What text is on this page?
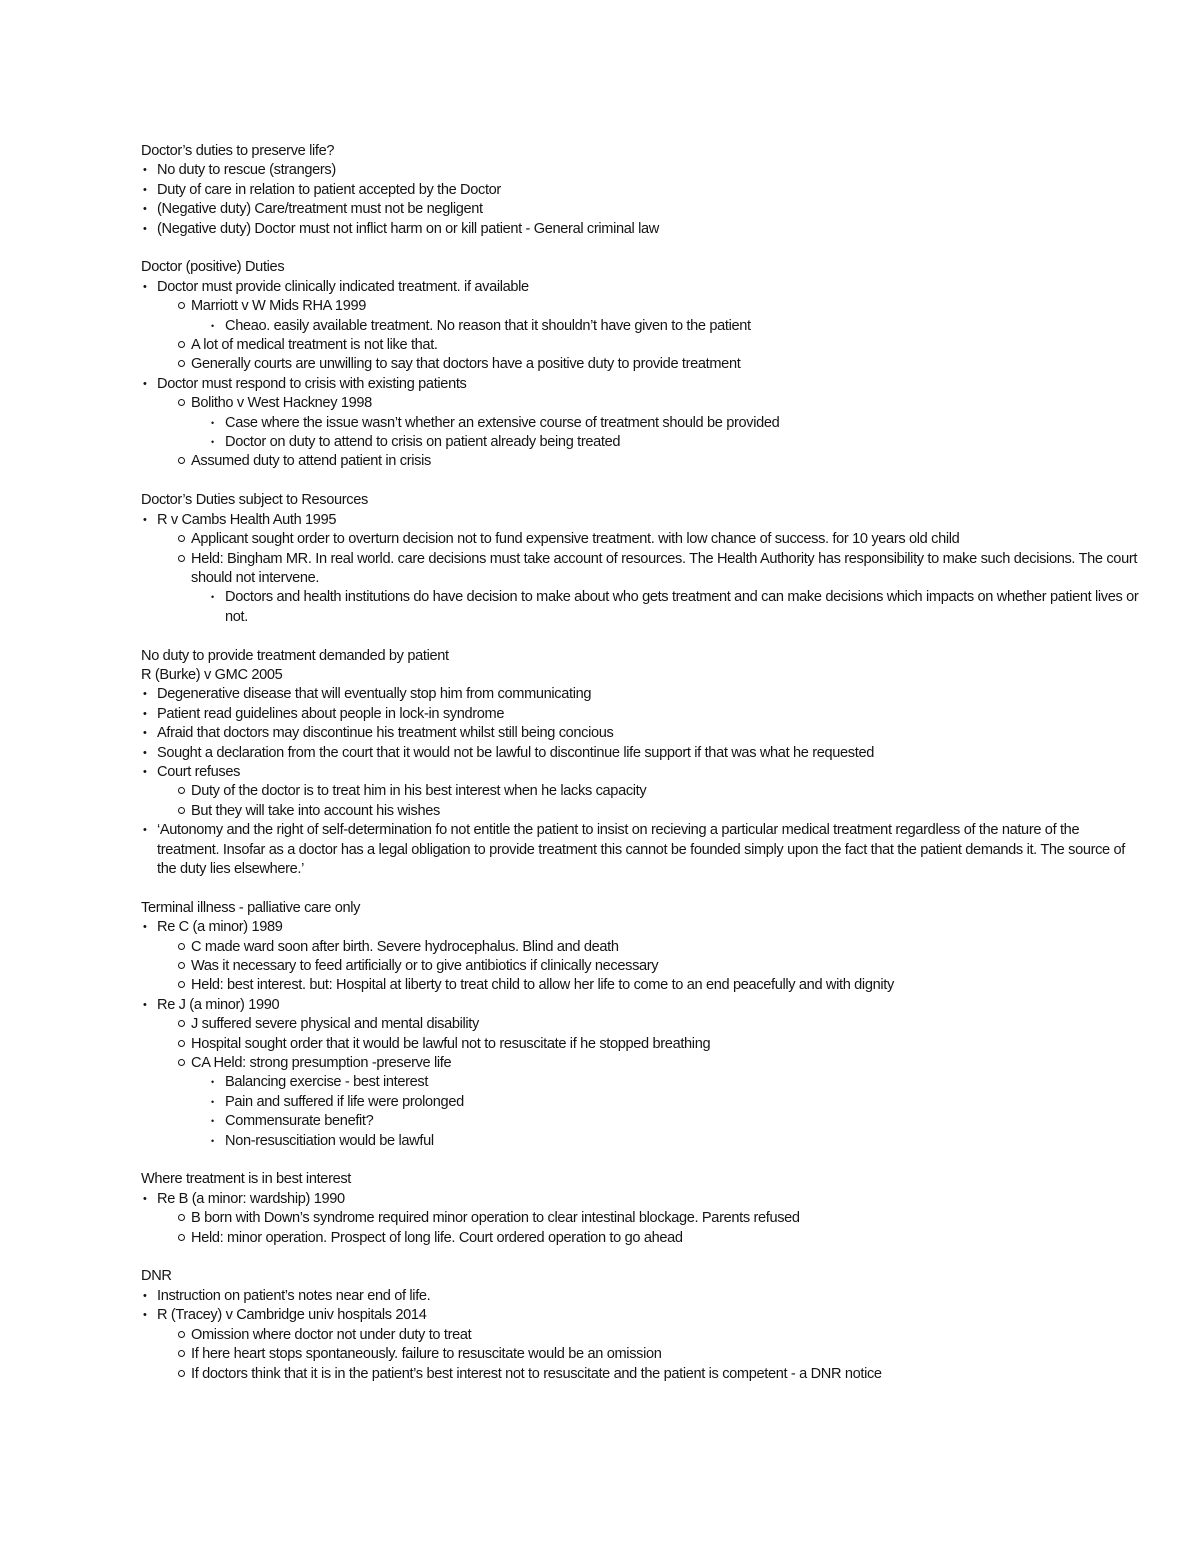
Doctor’s duties to preserve life?
• No duty to rescue (strangers)
• Duty of care in relation to patient accepted by the Doctor
• (Negative duty) Care/treatment must not be negligent
• (Negative duty) Doctor must not inflict harm on or kill patient - General criminal law
Doctor (positive) Duties
• Doctor must provide clinically indicated treatment. if available
Marriott v W Mids RHA 1999
• Cheao. easily available treatment. No reason that it shouldn’t have given to the patient
A lot of medical treatment is not like that.
Generally courts are unwilling to say that doctors have a positive duty to provide treatment
• Doctor must respond to crisis with existing patients
Bolitho v West Hackney 1998
• Case where the issue wasn’t whether an extensive course of treatment should be provided
• Doctor on duty to attend to crisis on patient already being treated
Assumed duty to attend patient in crisis
Doctor’s Duties subject to Resources
• R v Cambs Health Auth 1995
Applicant sought order to overturn decision not to fund expensive treatment. with low chance of success. for 10 years old child
Held: Bingham MR. In real world. care decisions must take account of resources. The Health Authority has responsibility to make such decisions. The court should not intervene.
• Doctors and health institutions do have decision to make about who gets treatment and can make decisions which impacts on whether patient lives or not.
No duty to provide treatment demanded by patient
R (Burke) v GMC 2005
• Degenerative disease that will eventually stop him from communicating
• Patient read guidelines about people in lock-in syndrome
• Afraid that doctors may discontinue his treatment whilst still being concious
• Sought a declaration from the court that it would not be lawful to discontinue life support if that was what he requested
• Court refuses
Duty of the doctor is to treat him in his best interest when he lacks capacity
But they will take into account his wishes
• ‘Autonomy and the right of self-determination fo not entitle the patient to insist on recieving a particular medical treatment regardless of the nature of the treatment. Insofar as a doctor has a legal obligation to provide treatment this cannot be founded simply upon the fact that the patient demands it. The source of the duty lies elsewhere.’
Terminal illness - palliative care only
• Re C (a minor) 1989
C made ward soon after birth. Severe hydrocephalus. Blind and death
Was it necessary to feed artificially or to give antibiotics if clinically necessary
Held: best interest. but: Hospital at liberty to treat child to allow her life to come to an end peacefully and with dignity
• Re J (a minor) 1990
J suffered severe physical and mental disability
Hospital sought order that it would be lawful not to resuscitate if he stopped breathing
CA Held: strong presumption -preserve life
• Balancing exercise - best interest
• Pain and suffered if life were prolonged
• Commensurate benefit?
• Non-resuscitiation would be lawful
Where treatment is in best interest
• Re B (a minor: wardship) 1990
B born with Down’s syndrome required minor operation to clear intestinal blockage. Parents refused
Held: minor operation. Prospect of long life. Court ordered operation to go ahead
DNR
• Instruction on patient’s notes near end of life.
• R (Tracey) v Cambridge univ hospitals 2014
Omission where doctor not under duty to treat
If here heart stops spontaneously. failure to resuscitate would be an omission
If doctors think that it is in the patient’s best interest not to resuscitate and the patient is competent - a DNR notice
